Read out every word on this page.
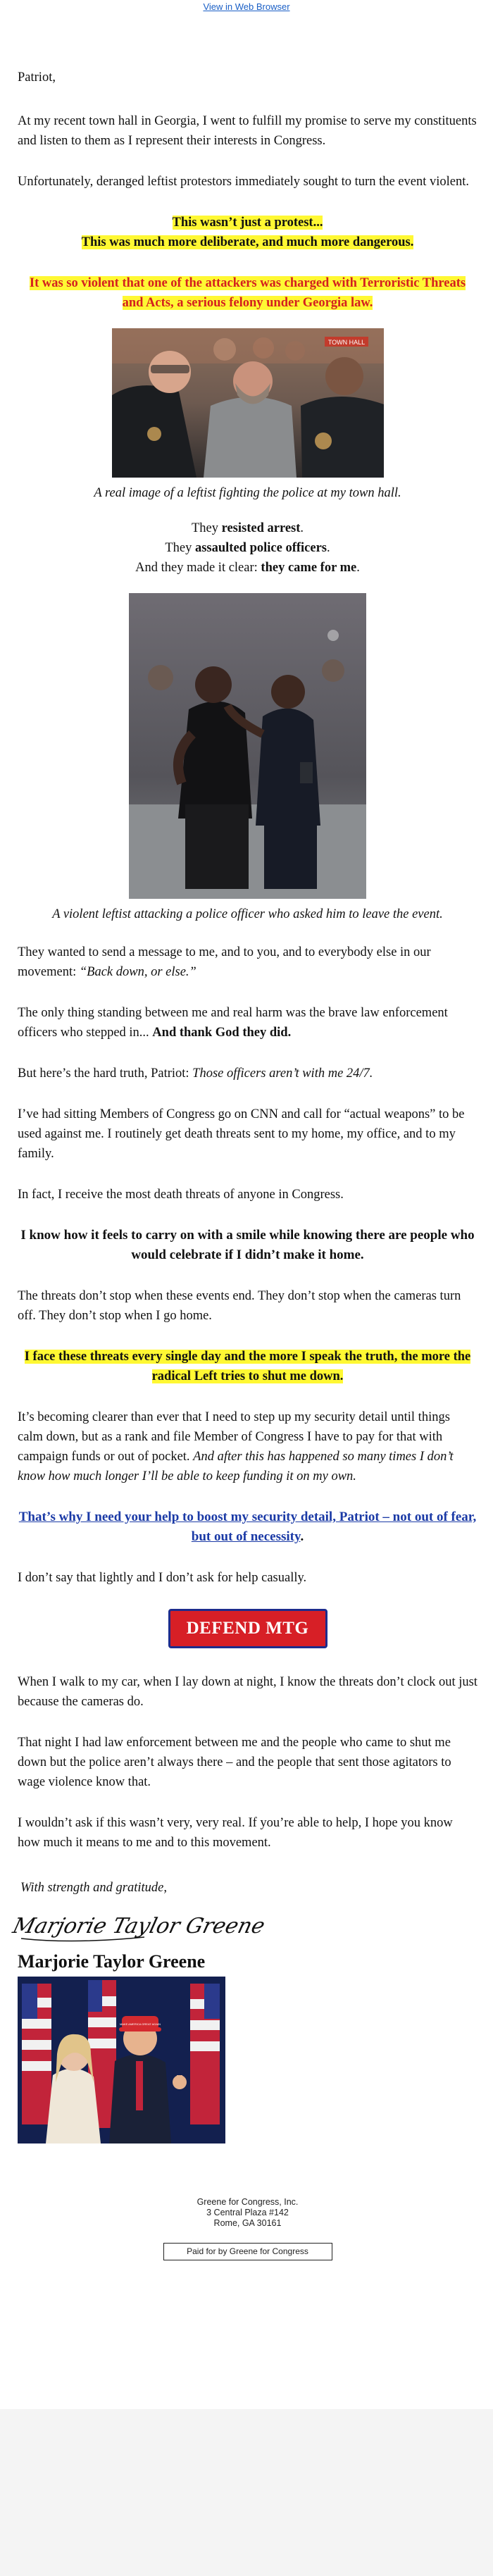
View in Web Browser

Patriot,

At my recent town hall in Georgia, I went to fulfill my promise to serve my constituents and listen to them as I represent their interests in Congress.

Unfortunately, deranged leftist protestors immediately sought to turn the event violent.

This wasn’t just a protest...
This was much more deliberate, and much more dangerous.

It was so violent that one of the attackers was charged with Terroristic Threats and Acts, a serious felony under Georgia law.

TOWN HALL

A real image of a leftist fighting the police at my town hall.

They resisted arrest.

They assaulted police officers.

And they made it clear: they came for me.

A violent leftist attacking a police officer who asked him to leave the event.

They wanted to send a message to me, and to you, and to everybody else in our movement: “Back down, or else.”

The only thing standing between me and real harm was the brave law enforcement officers who stepped in... And thank God they did.

But here’s the hard truth, Patriot: Those officers aren’t with me 24/7.

I’ve had sitting Members of Congress go on CNN and call for “actual weapons” to be used against me. I routinely get death threats sent to my home, my office, and to my family.

In fact, I receive the most death threats of anyone in Congress.

I know how it feels to carry on with a smile while knowing there are people who would celebrate if I didn’t make it home.

The threats don’t stop when these events end. They don’t stop when the cameras turn off. They don’t stop when I go home.

I face these threats every single day and the more I speak the truth, the more the radical Left tries to shut me down.

It’s becoming clearer than ever that I need to step up my security detail until things calm down, but as a rank and file Member of Congress I have to pay for that with campaign funds or out of pocket. And after this has happened so many times I don’t know how much longer I’ll be able to keep funding it on my own.

That’s why I need your help to boost my security detail, Patriot – not out of fear, but out of necessity.

I don’t say that lightly and I don’t ask for help casually.

DEFEND MTG

When I walk to my car, when I lay down at night, I know the threats don’t clock out just because the cameras do.

That night I had law enforcement between me and the people who came to shut me down but the police aren’t always there – and the people that sent those agitators to wage violence know that.

I wouldn’t ask if this wasn’t very, very real. If you’re able to help, I hope you know how much it means to me and to this movement.

With strength and gratitude,

Marjorie Taylor Greene
Marjorie Taylor Greene
MAKE AMERICA GREAT AGAIN
Greene for Congress, Inc.
3 Central Plaza #142
Rome, GA 30161
Paid for by Greene for Congress
